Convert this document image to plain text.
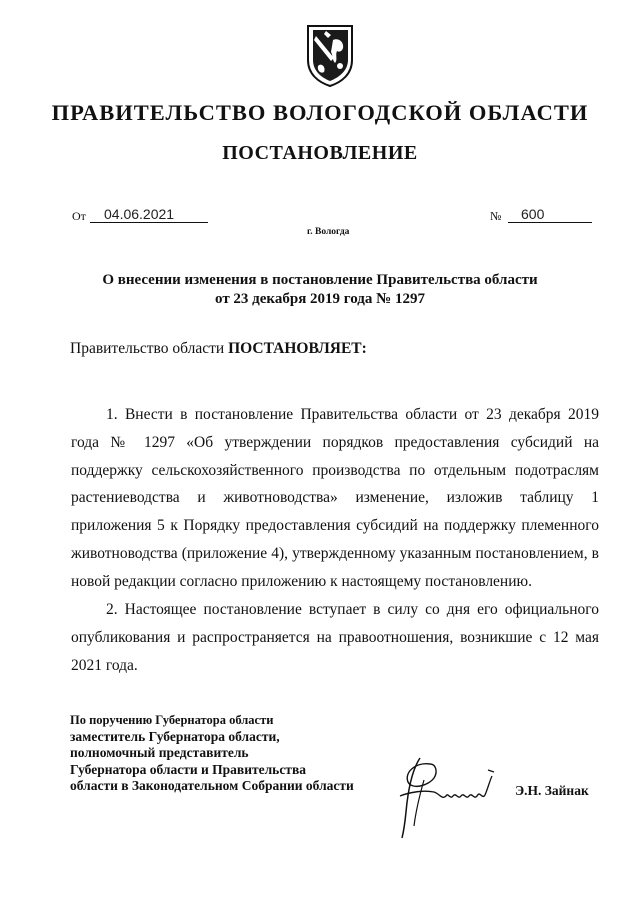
ПРАВИТЕЛЬСТВО ВОЛОГОДСКОЙ ОБЛАСТИ
ПОСТАНОВЛЕНИЕ
От 04.06.2021	№ 600
г. Вологда
О внесении изменения в постановление Правительства области
от 23 декабря 2019 года № 1297
Правительство области ПОСТАНОВЛЯЕТ:
1. Внести в постановление Правительства области от 23 декабря 2019 года № 1297 «Об утверждении порядков предоставления субсидий на поддержку сельскохозяйственного производства по отдельным подотраслям растениеводства и животноводства» изменение, изложив таблицу 1 приложения 5 к Порядку предоставления субсидий на поддержку племенного животноводства (приложение 4), утвержденному указанным постановлением, в новой редакции согласно приложению к настоящему постановлению.
2. Настоящее постановление вступает в силу со дня его официального опубликования и распространяется на правоотношения, возникшие с 12 мая 2021 года.
По поручению Губернатора области
заместитель Губернатора области,
полномочный представитель
Губернатора области и Правительства
области в Законодательном Собрании области	Э.Н. Зайнак
